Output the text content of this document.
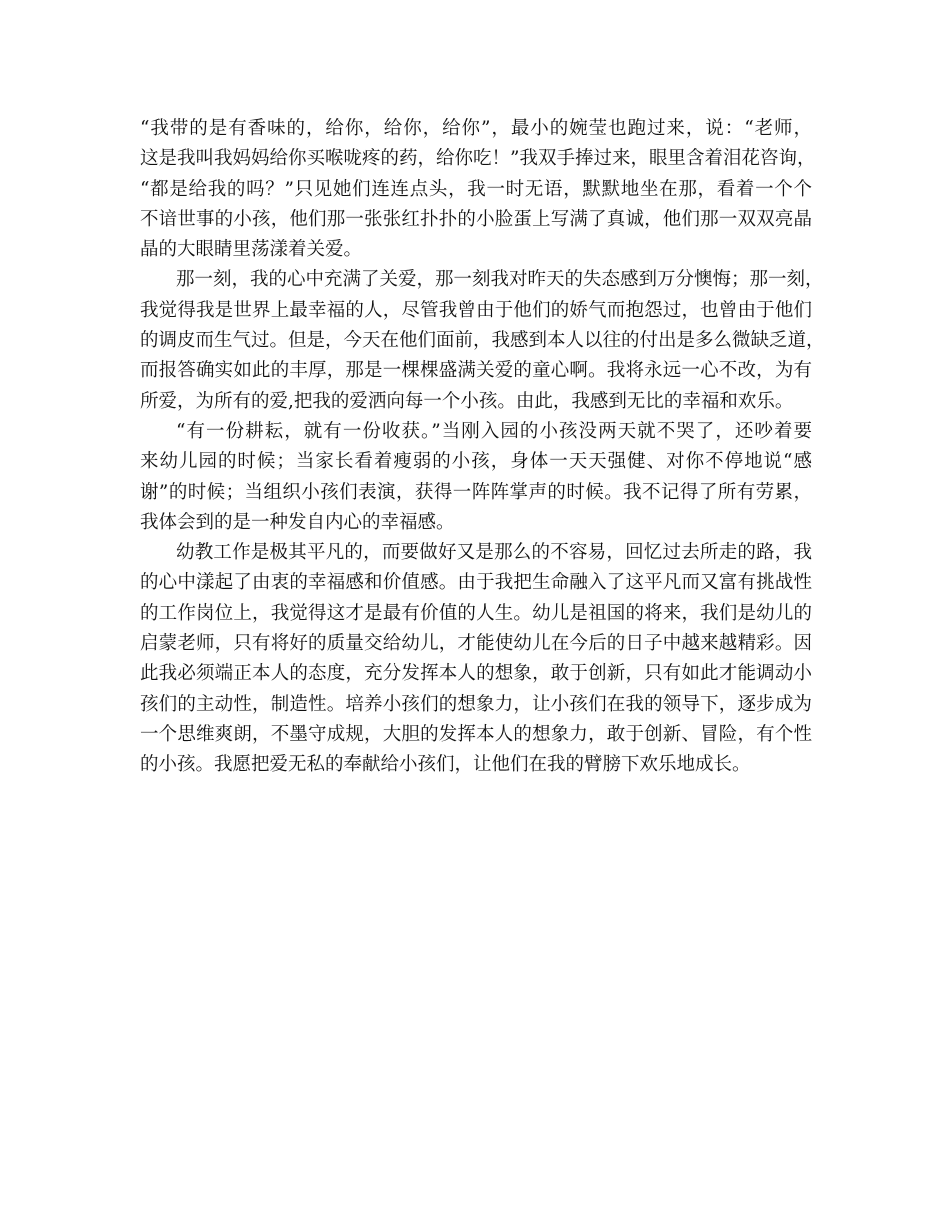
“我带的是有香味的，给你，给你，给你”，最小的婉莹也跑过来，说：“老师，
这是我叫我妈妈给你买喉咙疼的药，给你吃！”我双手捧过来，眼里含着泪花咨询，
“都是给我的吗？”只见她们连连点头，我一时无语，默默地坐在那，看着一个个
不谙世事的小孩，他们那一张张红扑扑的小脸蛋上写满了真诚，他们那一双双亮晶
晶的大眼睛里荡漾着关爱。
那一刻，我的心中充满了关爱，那一刻我对昨天的失态感到万分懊悔；那一刻，
我觉得我是世界上最幸福的人，尽管我曾由于他们的娇气而抱怨过，也曾由于他们
的调皮而生气过。但是，今天在他们面前，我感到本人以往的付出是多么微缺乏道，
而报答确实如此的丰厚，那是一棵棵盛满关爱的童心啊。我将永远一心不改，为有
所爱，为所有的爱,把我的爱洒向每一个小孩。由此，我感到无比的幸福和欢乐。
“有一份耕耘，就有一份收获。”当刚入园的小孩没两天就不哭了，还吵着要
来幼儿园的时候；当家长看着瘦弱的小孩，身体一天天强健、对你不停地说“感
谢”的时候；当组织小孩们表演，获得一阵阵掌声的时候。我不记得了所有劳累，
我体会到的是一种发自内心的幸福感。
幼教工作是极其平凡的，而要做好又是那么的不容易，回忆过去所走的路，我
的心中漾起了由衷的幸福感和价值感。由于我把生命融入了这平凡而又富有挑战性
的工作岗位上，我觉得这才是最有价值的人生。幼儿是祖国的将来，我们是幼儿的
启蒙老师，只有将好的质量交给幼儿，才能使幼儿在今后的日子中越来越精彩。因
此我必须端正本人的态度，充分发挥本人的想象，敢于创新，只有如此才能调动小
孩们的主动性，制造性。培养小孩们的想象力，让小孩们在我的领导下，逐步成为
一个思维爽朗，不墨守成规，大胆的发挥本人的想象力，敢于创新、冒险，有个性
的小孩。我愿把爱无私的奉献给小孩们，让他们在我的臂膀下欢乐地成长。
